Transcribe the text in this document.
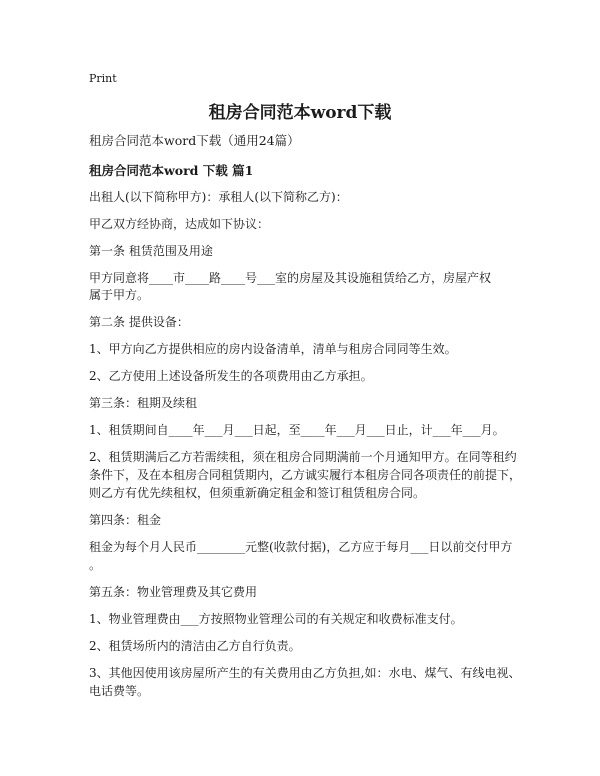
Print
租房合同范本word下载
租房合同范本word下载（通用24篇）
租房合同范本word 下载 篇1
出租人(以下简称甲方)：承租人(以下简称乙方)：
甲乙双方经协商，达成如下协议：
第一条 租赁范围及用途
甲方同意将____市____路____号___室的房屋及其设施租赁给乙方，房屋产权
属于甲方。
第二条 提供设备：
1、甲方向乙方提供相应的房内设备清单，清单与租房合同同等生效。
2、乙方使用上述设备所发生的各项费用由乙方承担。
第三条：租期及续租
1、租赁期间自____年___月___日起，至____年___月___日止，计___年___月。
2、租赁期满后乙方若需续租，须在租房合同期满前一个月通知甲方。在同等租约
条件下，及在本租房合同租赁期内，乙方诚实履行本租房合同各项责任的前提下，
则乙方有优先续租权，但须重新确定租金和签订租赁租房合同。
第四条：租金
租金为每个月人民币________元整(收款付据)，乙方应于每月___日以前交付甲方
。
第五条：物业管理费及其它费用
1、物业管理费由___方按照物业管理公司的有关规定和收费标准支付。
2、租赁场所内的清洁由乙方自行负责。
3、其他因使用该房屋所产生的有关费用由乙方负担,如：水电、煤气、有线电视、
电话费等。
